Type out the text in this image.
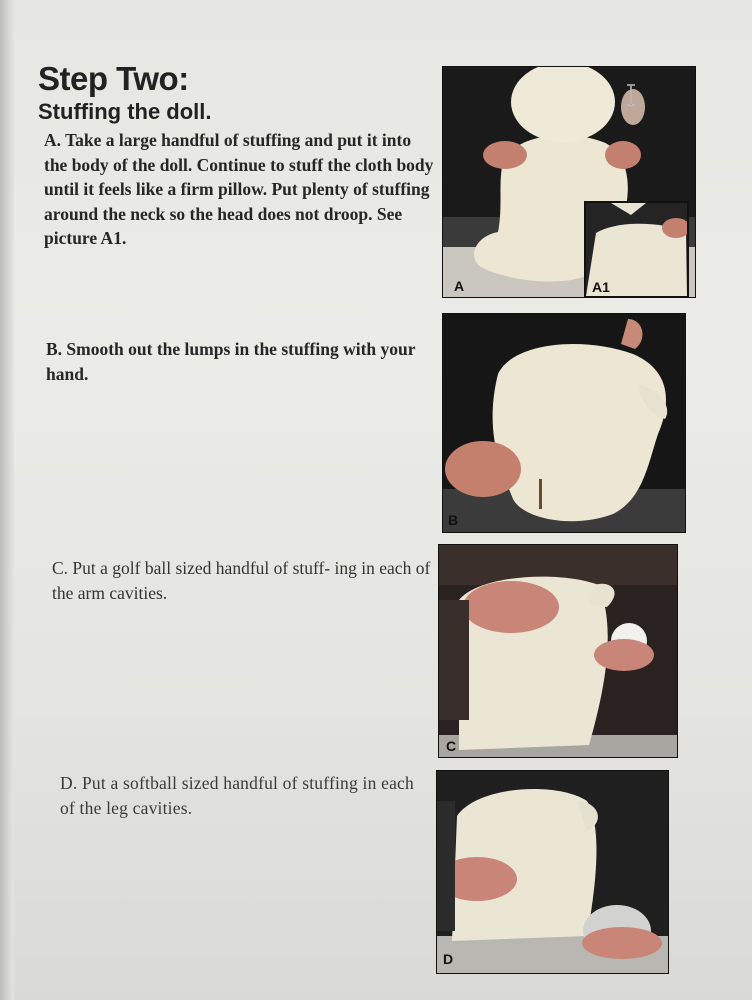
Step Two:
Stuffing the doll.

A. Take a large handful of stuffing and put it into the body of the doll. Continue to stuff the cloth body until it feels like a firm pillow. Put plenty of stuffing around the neck so the head does not droop. See picture A1.

B. Smooth out the lumps in the stuffing with your hand.

C. Put a golf ball sized handful of stuff- ing in each of the arm cavities.

D. Put a softball sized handful of stuffing in each of the leg cavities.

A	A1
B
C
D
